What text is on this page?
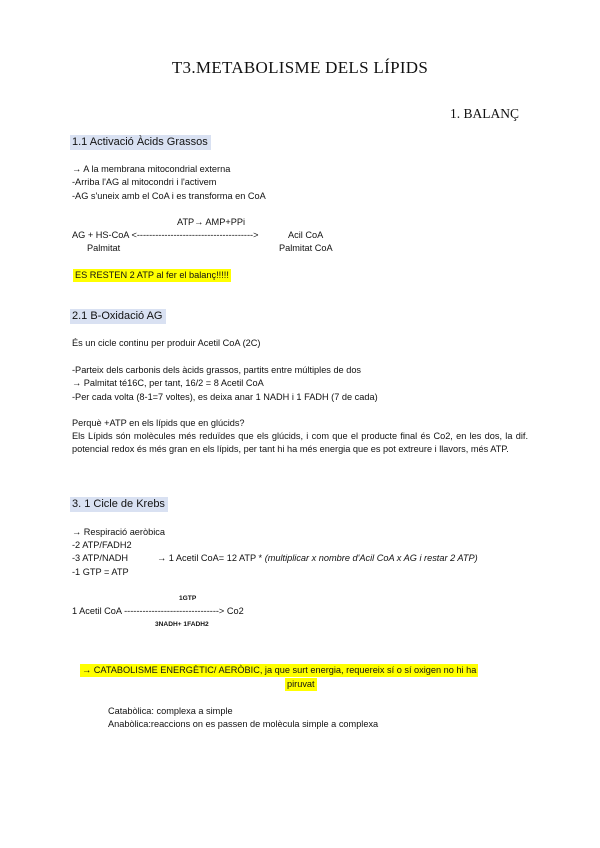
T3.METABOLISME DELS LÍPIDS
1. BALANÇ
1.1 Activació Àcids Grassos
→ A la membrana mitocondrial externa
-Arriba l'AG al mitocondri i l'activem
-AG s'uneix amb el CoA i es transforma en CoA
ATP→ AMP+PPi
AG + HS-CoA <-------------------------------------->	Acil CoA
Palmitat	Palmitat CoA
ES RESTEN 2 ATP al fer el balanç!!!!!
2.1 B-Oxidació AG
És un cicle continu per produir Acetil CoA (2C)
-Parteix dels carbonis dels àcids grassos, partits entre múltiples de dos
→ Palmitat té16C, per tant, 16/2 = 8 Acetil CoA
-Per cada volta (8-1=7 voltes), es deixa anar 1 NADH i 1 FADH (7 de cada)
Perquè +ATP en els lípids que en glúcids?
Els Lípids són molècules més reduïdes que els glúcids, i com que el producte final és Co2, en les dos, la dif. potencial redox és més gran en els lípids, per tant hi ha més energia que es pot extreure i llavors, més ATP.
3. 1 Cicle de Krebs
→ Respiració aeròbica
-2 ATP/FADH2
-3 ATP/NADH	→ 1 Acetil CoA= 12 ATP * (multiplicar x nombre d'Acil CoA x AG i restar 2 ATP)
-1 GTP = ATP
1GTP
1 Acetil CoA -------------------------------> Co2
3NADH+ 1FADH2
→ CATABOLISME ENERGÈTIC/ AERÒBIC, ja que surt energia, requereix sí o sí oxigen no hi ha
piruvat
Catabòlica: complexa a simple
Anabòlica:reaccions on es passen de molècula simple a complexa
